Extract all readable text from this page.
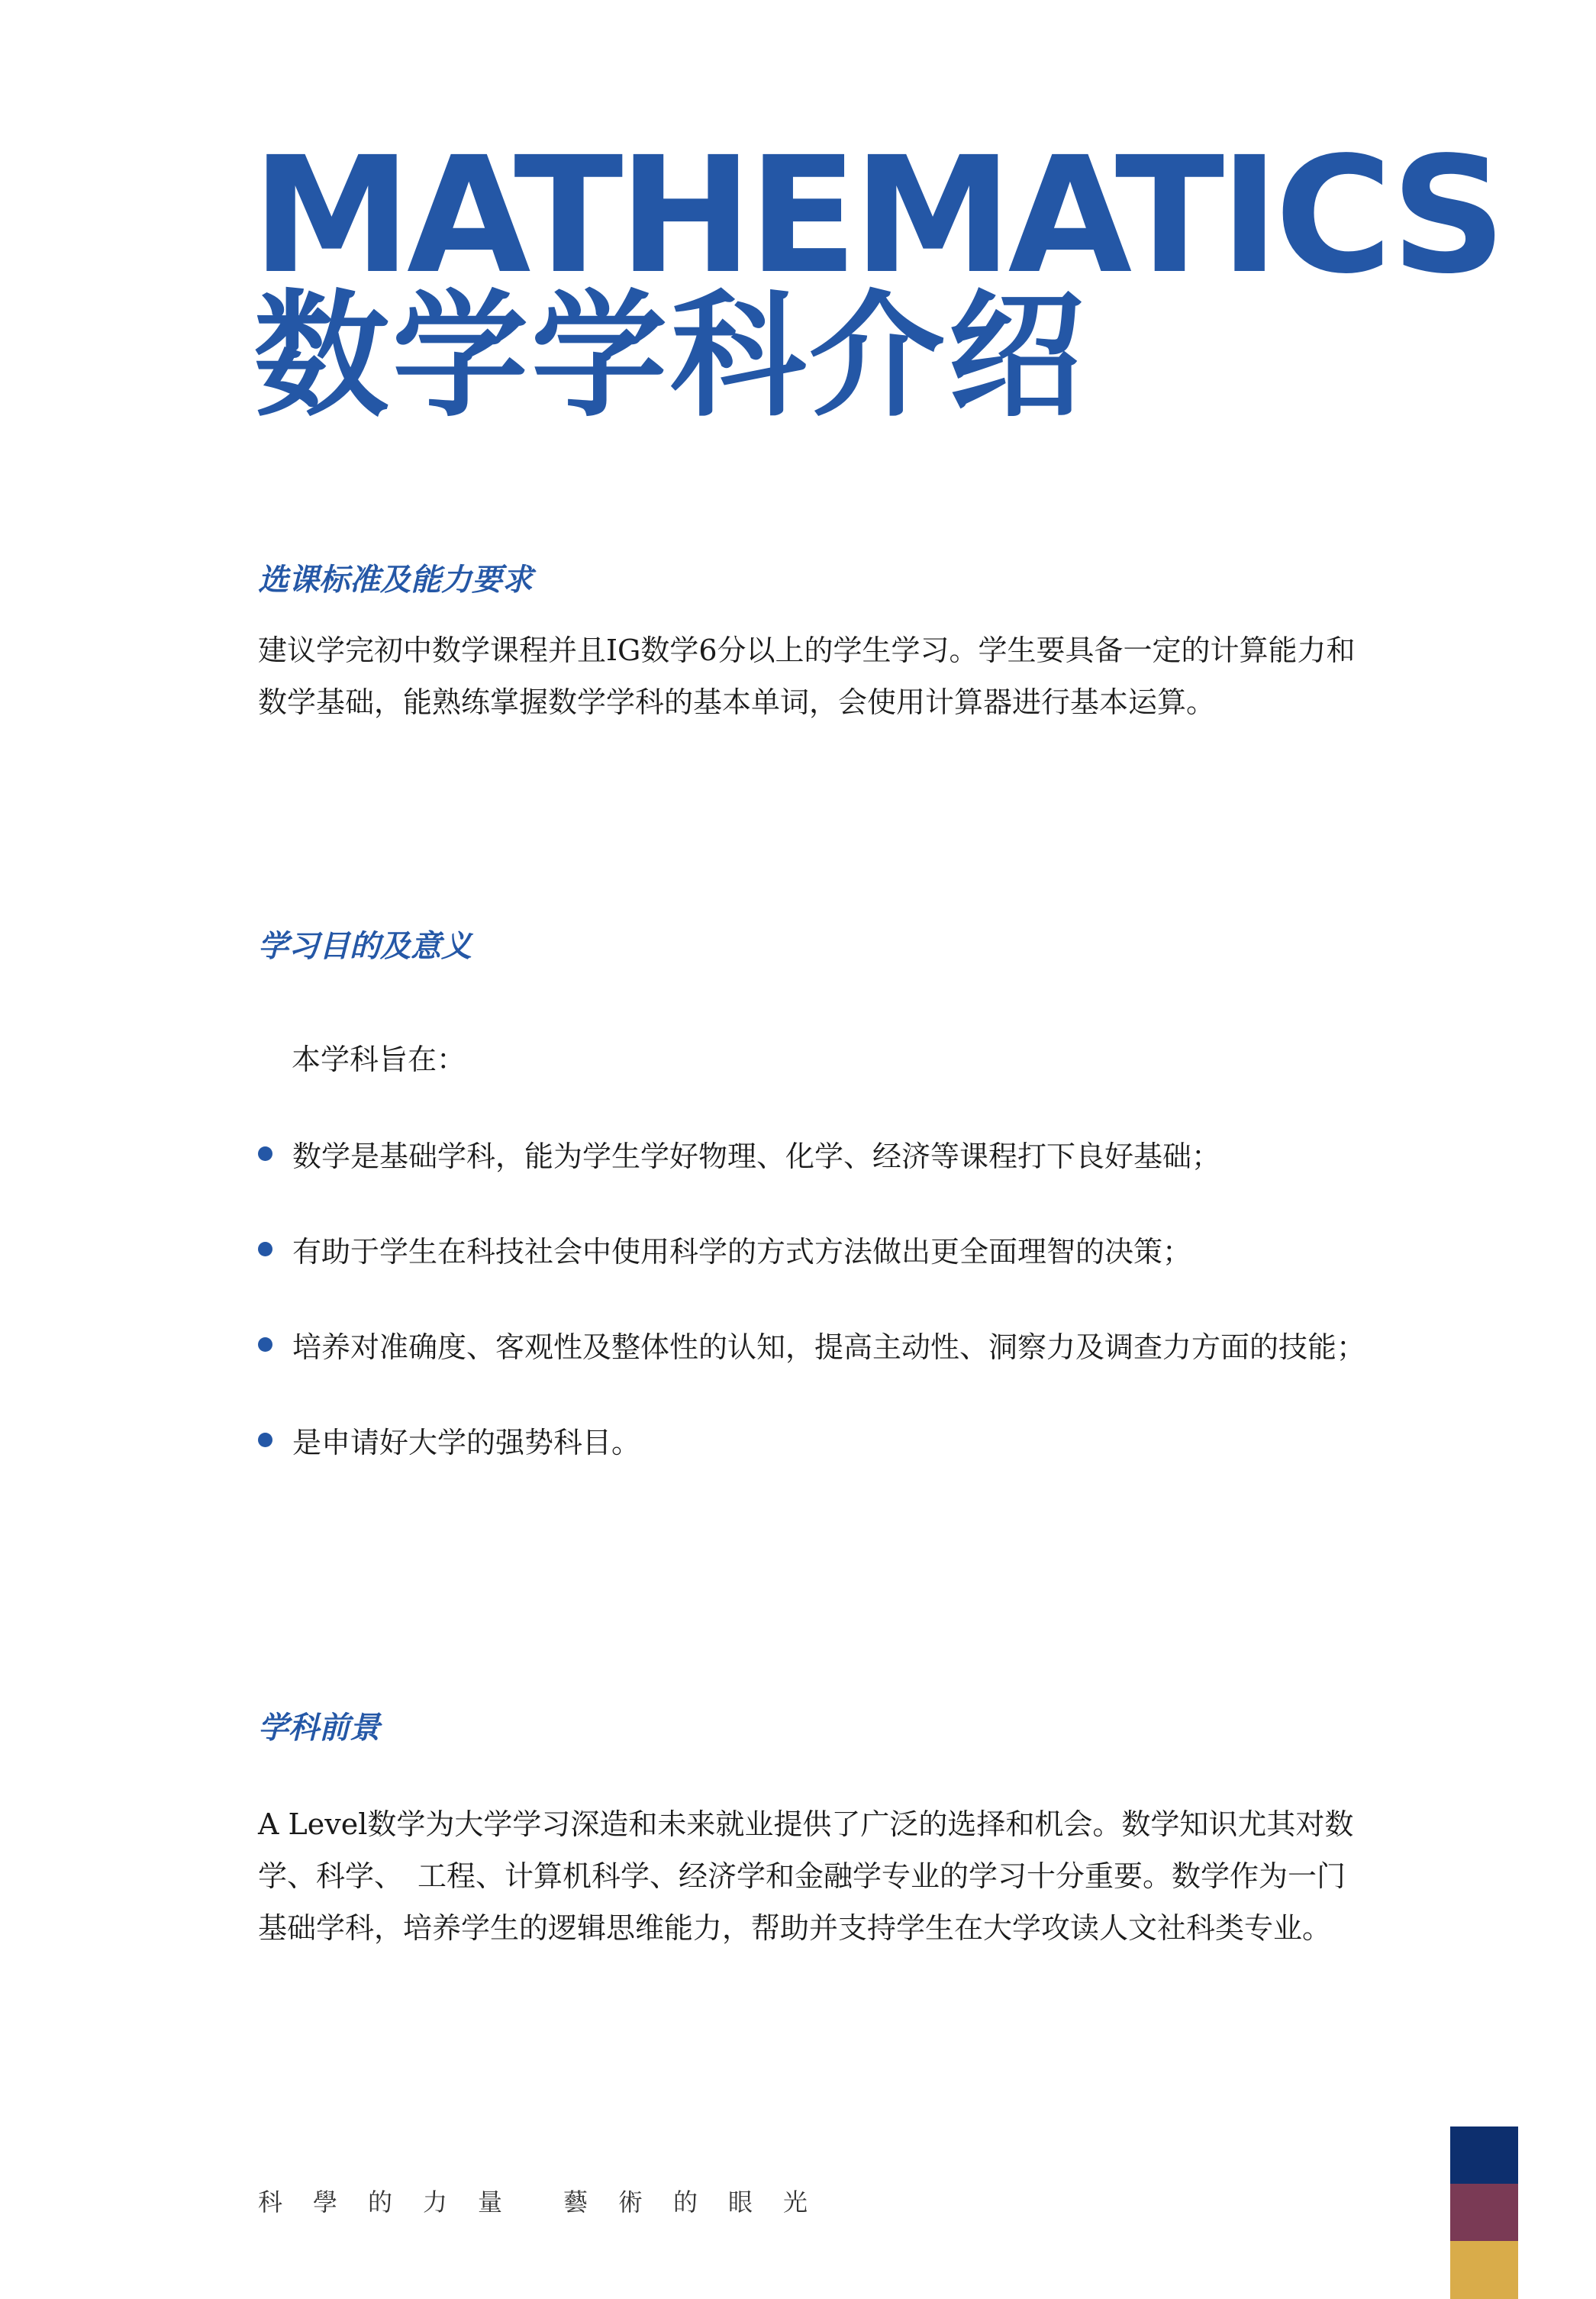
MATHEMATICS
数学学科介绍
选课标准及能力要求
建议学完初中数学课程并且IG数学6分以上的学生学习。学生要具备一定的计算能力和
数学基础，能熟练掌握数学学科的基本单词，会使用计算器进行基本运算。
学习目的及意义
本学科旨在：
数学是基础学科，能为学生学好物理、化学、经济等课程打下良好基础；
有助于学生在科技社会中使用科学的方式方法做出更全面理智的决策；
培养对准确度、客观性及整体性的认知，提高主动性、洞察力及调查力方面的技能；
是申请好大学的强势科目。
学科前景
A Level数学为大学学习深造和未来就业提供了广泛的选择和机会。数学知识尤其对数
学、科学、　工程、计算机科学、经济学和金融学专业的学习十分重要。数学作为一门
基础学科，培养学生的逻辑思维能力，帮助并支持学生在大学攻读人文社科类专业。
科學的力量 藝術的眼光
